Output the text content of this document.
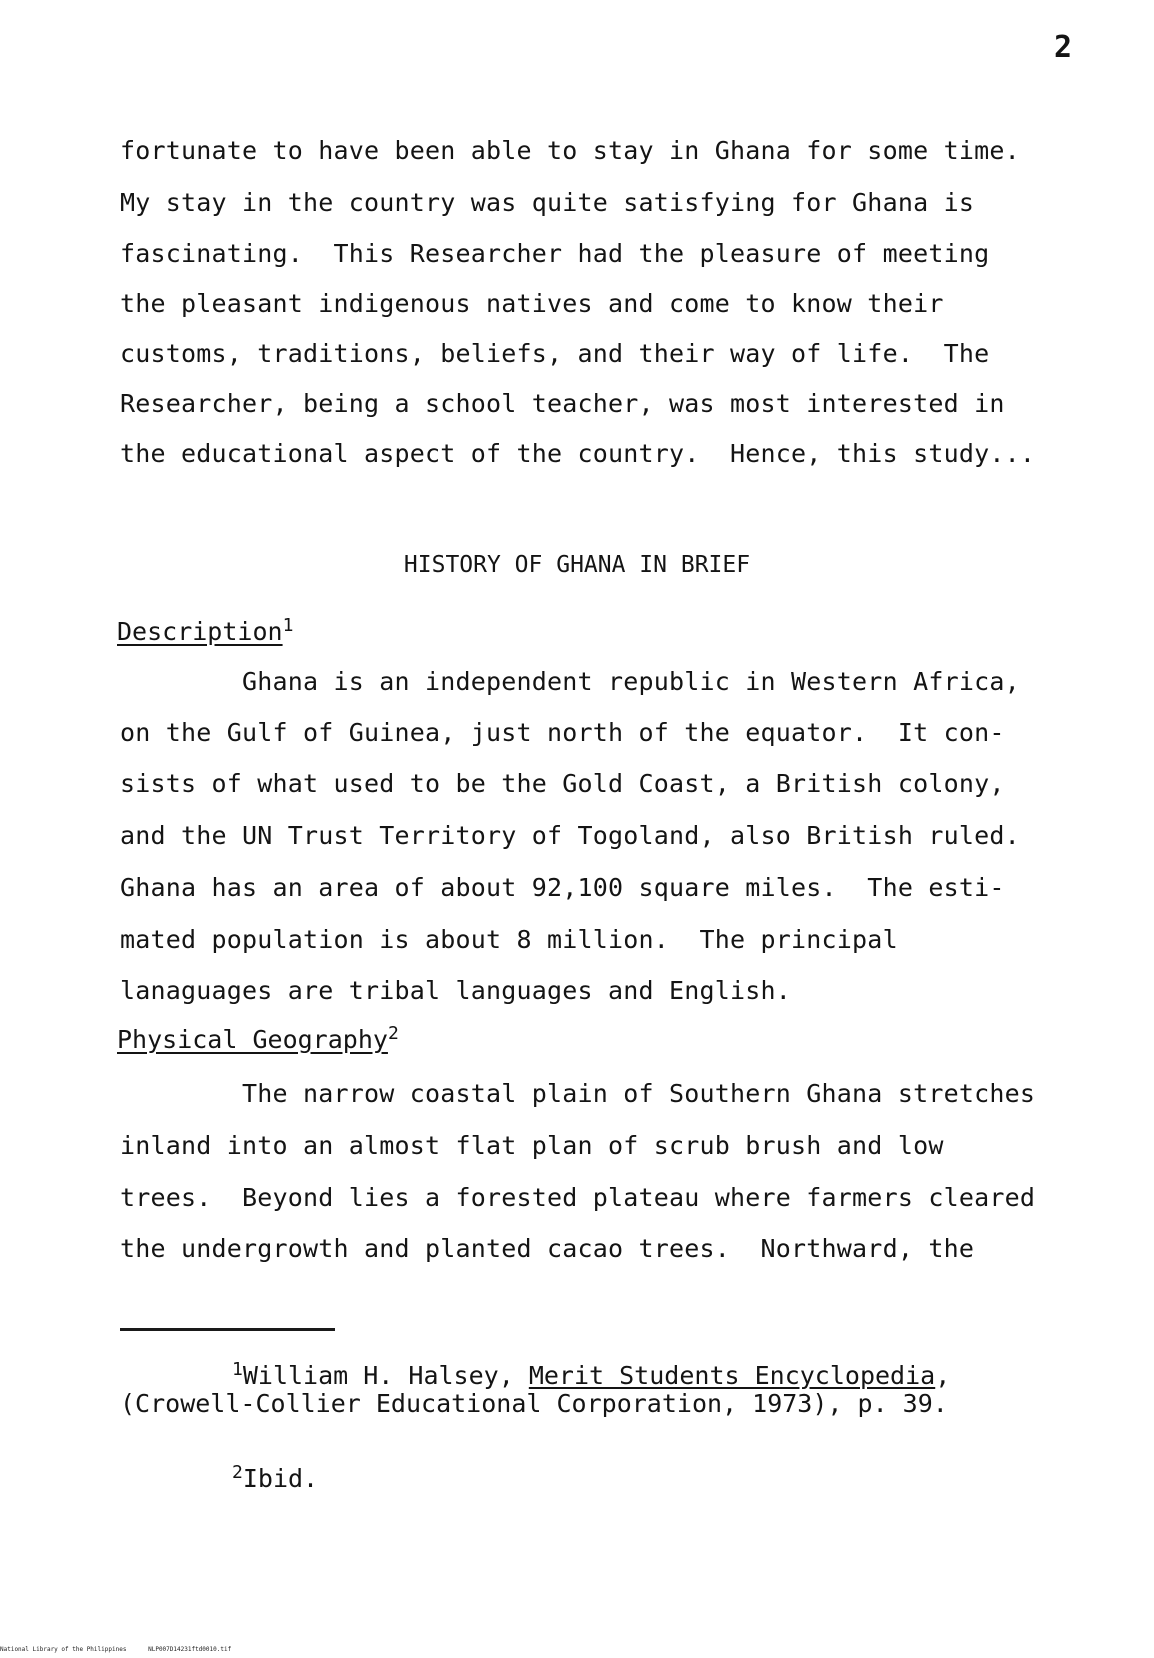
2
fortunate to have been able to stay in Ghana for some time.
My stay in the country was quite satisfying for Ghana is
fascinating.  This Researcher had the pleasure of meeting
the pleasant indigenous natives and come to know their
customs, traditions, beliefs, and their way of life.  The
Researcher, being a school teacher, was most interested in
the educational aspect of the country.  Hence, this study...
HISTORY OF GHANA IN BRIEF
Description1
Ghana is an independent republic in Western Africa,
on the Gulf of Guinea, just north of the equator.  It con-
sists of what used to be the Gold Coast, a British colony,
and the UN Trust Territory of Togoland, also British ruled.
Ghana has an area of about 92,100 square miles.  The esti-
mated population is about 8 million.  The principal
lanaguages are tribal languages and English.
Physical Geography2
The narrow coastal plain of Southern Ghana stretches
inland into an almost flat plan of scrub brush and low
trees.  Beyond lies a forested plateau where farmers cleared
the undergrowth and planted cacao trees.  Northward, the
1William H. Halsey, Merit Students Encyclopedia,
(Crowell-Collier Educational Corporation, 1973), p. 39.
2Ibid.
National Library of the Philippines      NLP007D14231ftd0010.tif
